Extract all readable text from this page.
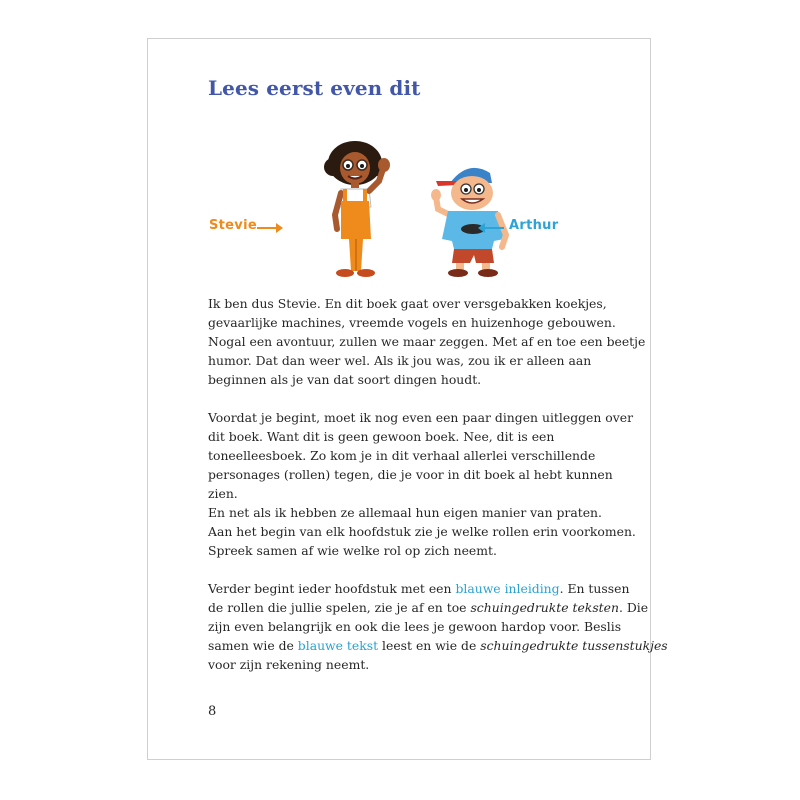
Lees eerst even dit
Stevie	Arthur

Ik ben dus Stevie. En dit boek gaat over versgebakken koekjes,
gevaarlijke machines, vreemde vogels en huizenhoge gebouwen.
Nogal een avontuur, zullen we maar zeggen. Met af en toe een beetje
humor. Dat dan weer wel. Als ik jou was, zou ik er alleen aan
beginnen als je van dat soort dingen houdt.

Voordat je begint, moet ik nog even een paar dingen uitleggen over
dit boek. Want dit is geen gewoon boek. Nee, dit is een
toneelleesboek. Zo kom je in dit verhaal allerlei verschillende
personages (rollen) tegen, die je voor in dit boek al hebt kunnen
zien.
En net als ik hebben ze allemaal hun eigen manier van praten.
Aan het begin van elk hoofdstuk zie je welke rollen erin voorkomen.
Spreek samen af wie welke rol op zich neemt.

Verder begint ieder hoofdstuk met een blauwe inleiding. En tussen
de rollen die jullie spelen, zie je af en toe schuingedrukte teksten. Die
zijn even belangrijk en ook die lees je gewoon hardop voor. Beslis
samen wie de blauwe tekst leest en wie de schuingedrukte tussenstukjes
voor zijn rekening neemt.

8
